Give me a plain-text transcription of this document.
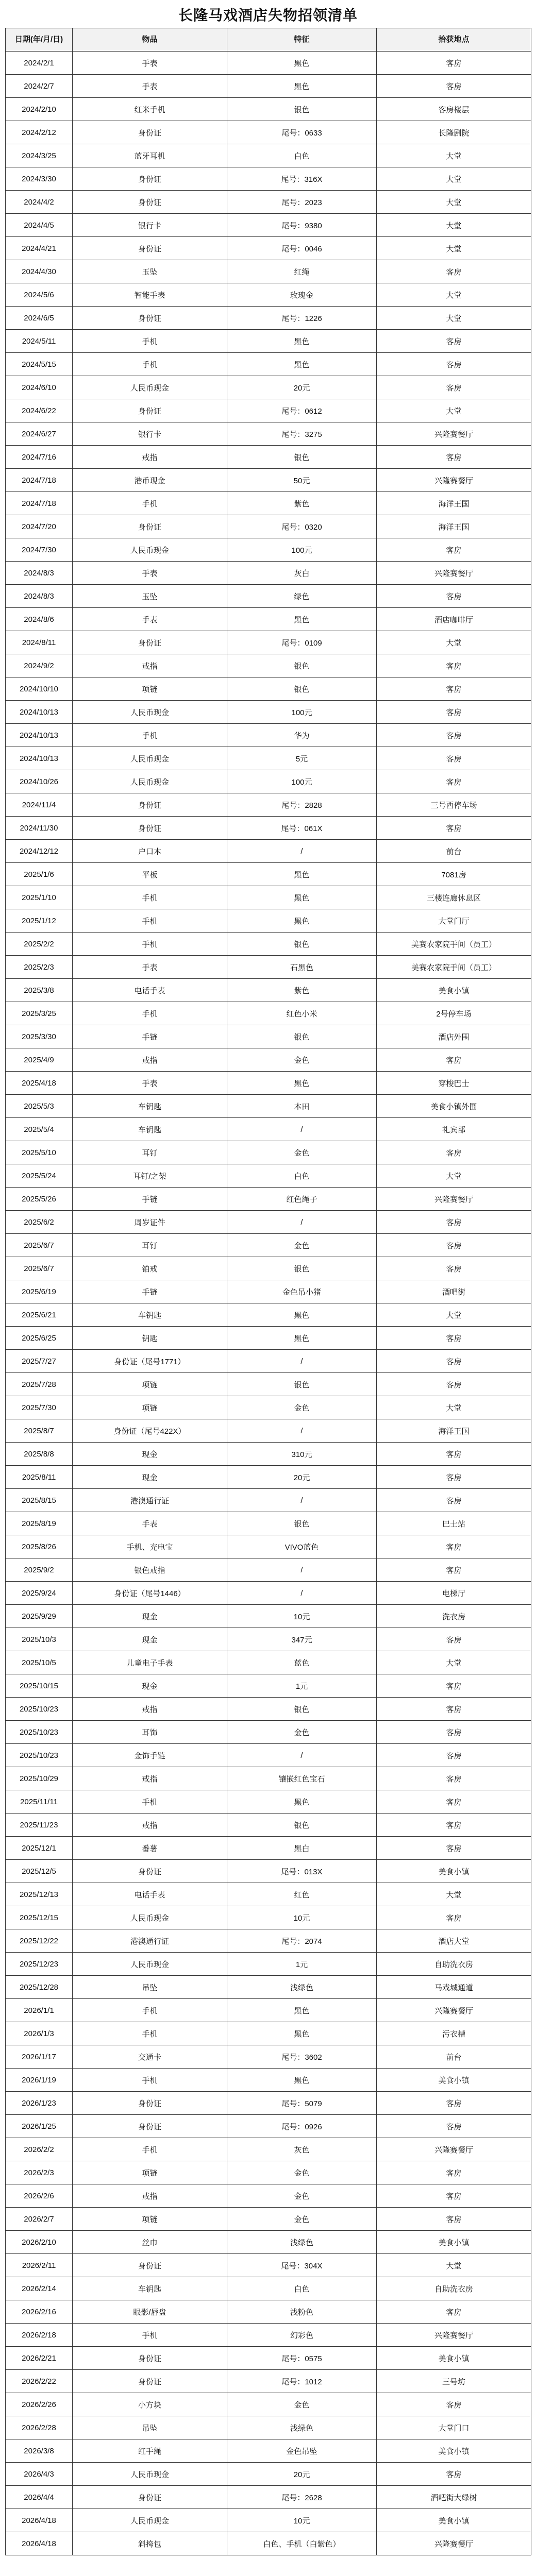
长隆马戏酒店失物招领清单
日期(年/月/日)	物品	特征	拾获地点
2024/2/1	手表	黑色	客房
2024/2/7	手表	黑色	客房
2024/2/10	红米手机	银色	客房楼层
2024/2/12	身份证	尾号：0633	长隆剧院
2024/3/25	蓝牙耳机	白色	大堂
2024/3/30	身份证	尾号：316X	大堂
2024/4/2	身份证	尾号：2023	大堂
2024/4/5	银行卡	尾号：9380	大堂
2024/4/21	身份证	尾号：0046	大堂
2024/4/30	玉坠	红绳	客房
2024/5/6	智能手表	玫瑰金	大堂
2024/6/5	身份证	尾号：1226	大堂
2024/5/11	手机	黑色	客房
2024/5/15	手机	黑色	客房
2024/6/10	人民币现金	20元	客房
2024/6/22	身份证	尾号：0612	大堂
2024/6/27	银行卡	尾号：3275	兴隆赛餐厅
2024/7/16	戒指	银色	客房
2024/7/18	港币现金	50元	兴隆赛餐厅
2024/7/18	手机	紫色	海洋王国
2024/7/20	身份证	尾号：0320	海洋王国
2024/7/30	人民币现金	100元	客房
2024/8/3	手表	灰白	兴隆赛餐厅
2024/8/3	玉坠	绿色	客房
2024/8/6	手表	黑色	酒店咖啡厅
2024/8/11	身份证	尾号：0109	大堂
2024/9/2	戒指	银色	客房
2024/10/10	项链	银色	客房
2024/10/13	人民币现金	100元	客房
2024/10/13	手机	华为	客房
2024/10/13	人民币现金	5元	客房
2024/10/26	人民币现金	100元	客房
2024/11/4	身份证	尾号：2828	三号西停车场
2024/11/30	身份证	尾号：061X	客房
2024/12/12	户口本	/	前台
2025/1/6	平板	黑色	7081房
2025/1/10	手机	黑色	三楼连廊休息区
2025/1/12	手机	黑色	大堂门厅
2025/2/2	手机	银色	美赛农家院手间（员工）
2025/2/3	手表	石黑色	美赛农家院手间（员工）
2025/3/8	电话手表	紫色	美食小镇
2025/3/25	手机	红色小米	2号停车场
2025/3/30	手链	银色	酒店外围
2025/4/9	戒指	金色	客房
2025/4/18	手表	黑色	穿梭巴士
2025/5/3	车钥匙	本田	美食小镇外围
2025/5/4	车钥匙	/	礼宾部
2025/5/10	耳钉	金色	客房
2025/5/24	耳钉/之架	白色	大堂
2025/5/26	手链	红色绳子	兴隆赛餐厅
2025/6/2	周岁证件	/	客房
2025/6/7	耳钉	金色	客房
2025/6/7	铂戒	银色	客房
2025/6/19	手链	金色吊小猪	酒吧街
2025/6/21	车钥匙	黑色	大堂
2025/6/25	钥匙	黑色	客房
2025/7/27	身份证（尾号1771）	/	客房
2025/7/28	项链	银色	客房
2025/7/30	项链	金色	大堂
2025/8/7	身份证（尾号422X）	/	海洋王国
2025/8/8	现金	310元	客房
2025/8/11	现金	20元	客房
2025/8/15	港澳通行证	/	客房
2025/8/19	手表	银色	巴士站
2025/8/26	手机、充电宝	VIVO蓝色	客房
2025/9/2	银色戒指	/	客房
2025/9/24	身份证（尾号1446）	/	电梯厅
2025/9/29	现金	10元	洗衣房
2025/10/3	现金	347元	客房
2025/10/5	儿童电子手表	蓝色	大堂
2025/10/15	现金	1元	客房
2025/10/23	戒指	银色	客房
2025/10/23	耳饰	金色	客房
2025/10/23	金饰手链	/	客房
2025/10/29	戒指	镶嵌红色宝石	客房
2025/11/11	手机	黑色	客房
2025/11/23	戒指	银色	客房
2025/12/1	番薯	黑白	客房
2025/12/5	身份证	尾号：013X	美食小镇
2025/12/13	电话手表	红色	大堂
2025/12/15	人民币现金	10元	客房
2025/12/22	港澳通行证	尾号：2074	酒店大堂
2025/12/23	人民币现金	1元	自助洗衣房
2025/12/28	吊坠	浅绿色	马戏城通道
2026/1/1	手机	黑色	兴隆赛餐厅
2026/1/3	手机	黑色	污衣槽
2026/1/17	交通卡	尾号：3602	前台
2026/1/19	手机	黑色	美食小镇
2026/1/23	身份证	尾号：5079	客房
2026/1/25	身份证	尾号：0926	客房
2026/2/2	手机	灰色	兴隆赛餐厅
2026/2/3	项链	金色	客房
2026/2/6	戒指	金色	客房
2026/2/7	项链	金色	客房
2026/2/10	丝巾	浅绿色	美食小镇
2026/2/11	身份证	尾号：304X	大堂
2026/2/14	车钥匙	白色	自助洗衣房
2026/2/16	眼影/唇盘	浅粉色	客房
2026/2/18	手机	幻彩色	兴隆赛餐厅
2026/2/21	身份证	尾号：0575	美食小镇
2026/2/22	身份证	尾号：1012	三号坊
2026/2/26	小方块	金色	客房
2026/2/28	吊坠	浅绿色	大堂门口
2026/3/8	红手绳	金色吊坠	美食小镇
2026/4/3	人民币现金	20元	客房
2026/4/4	身份证	尾号：2628	酒吧街大绿树
2026/4/18	人民币现金	10元	美食小镇
2026/4/18	斜挎包	白色、手机（白紫色）	兴隆赛餐厅
